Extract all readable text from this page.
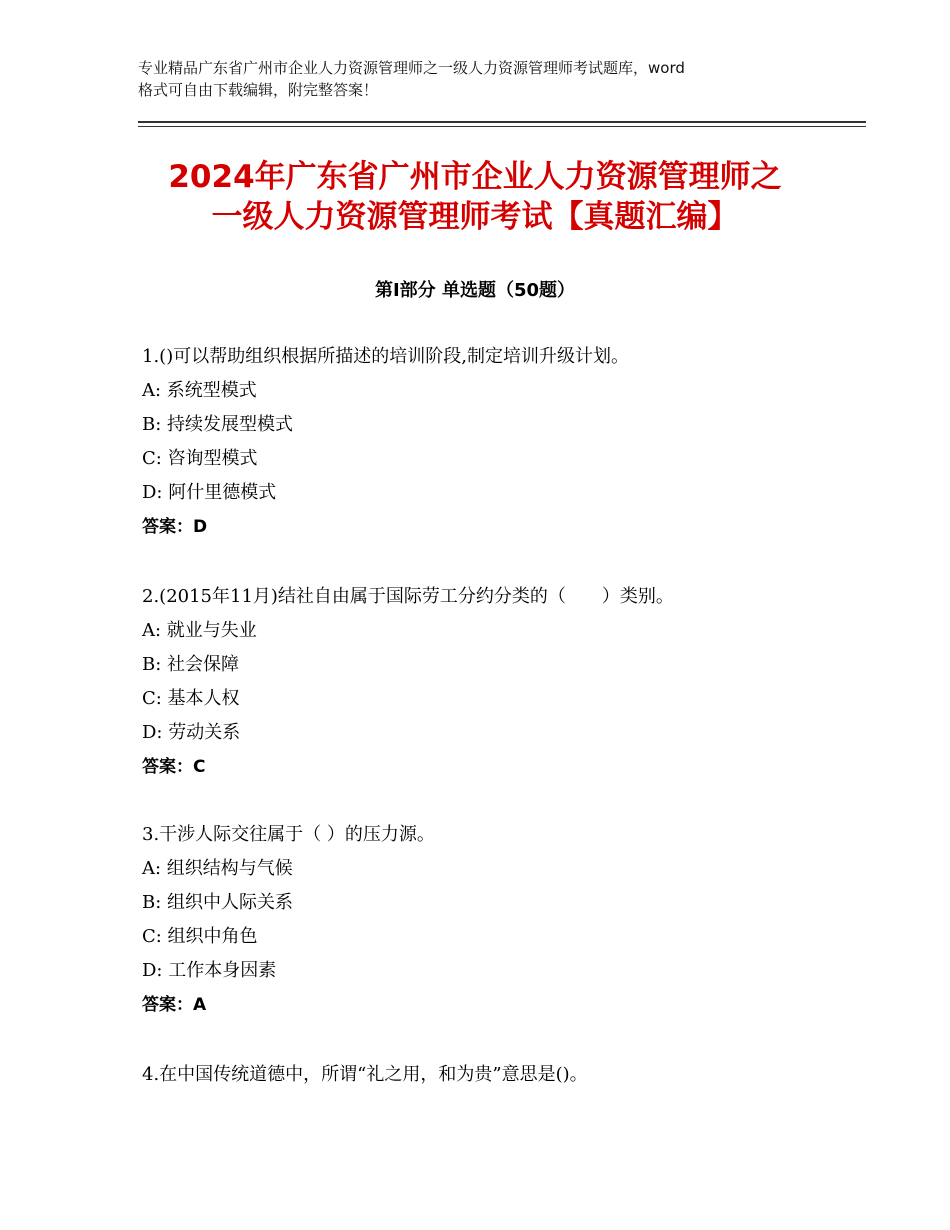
专业精品广东省广州市企业人力资源管理师之一级人力资源管理师考试题库，word
格式可自由下载编辑，附完整答案！
2024年广东省广州市企业人力资源管理师之
一级人力资源管理师考试【真题汇编】
第Ⅰ部分 单选题（50题）
1.()可以帮助组织根据所描述的培训阶段,制定培训升级计划。
A: 系统型模式
B: 持续发展型模式
C: 咨询型模式
D: 阿什里德模式
答案：D
2.(2015年11月)结社自由属于国际劳工分约分类的（　　）类别。
A: 就业与失业
B: 社会保障
C: 基本人权
D: 劳动关系
答案：C
3.干涉人际交往属于（ ）的压力源。
A: 组织结构与气候
B: 组织中人际关系
C: 组织中角色
D: 工作本身因素
答案：A
4.在中国传统道德中，所谓“礼之用，和为贵”意思是()。
